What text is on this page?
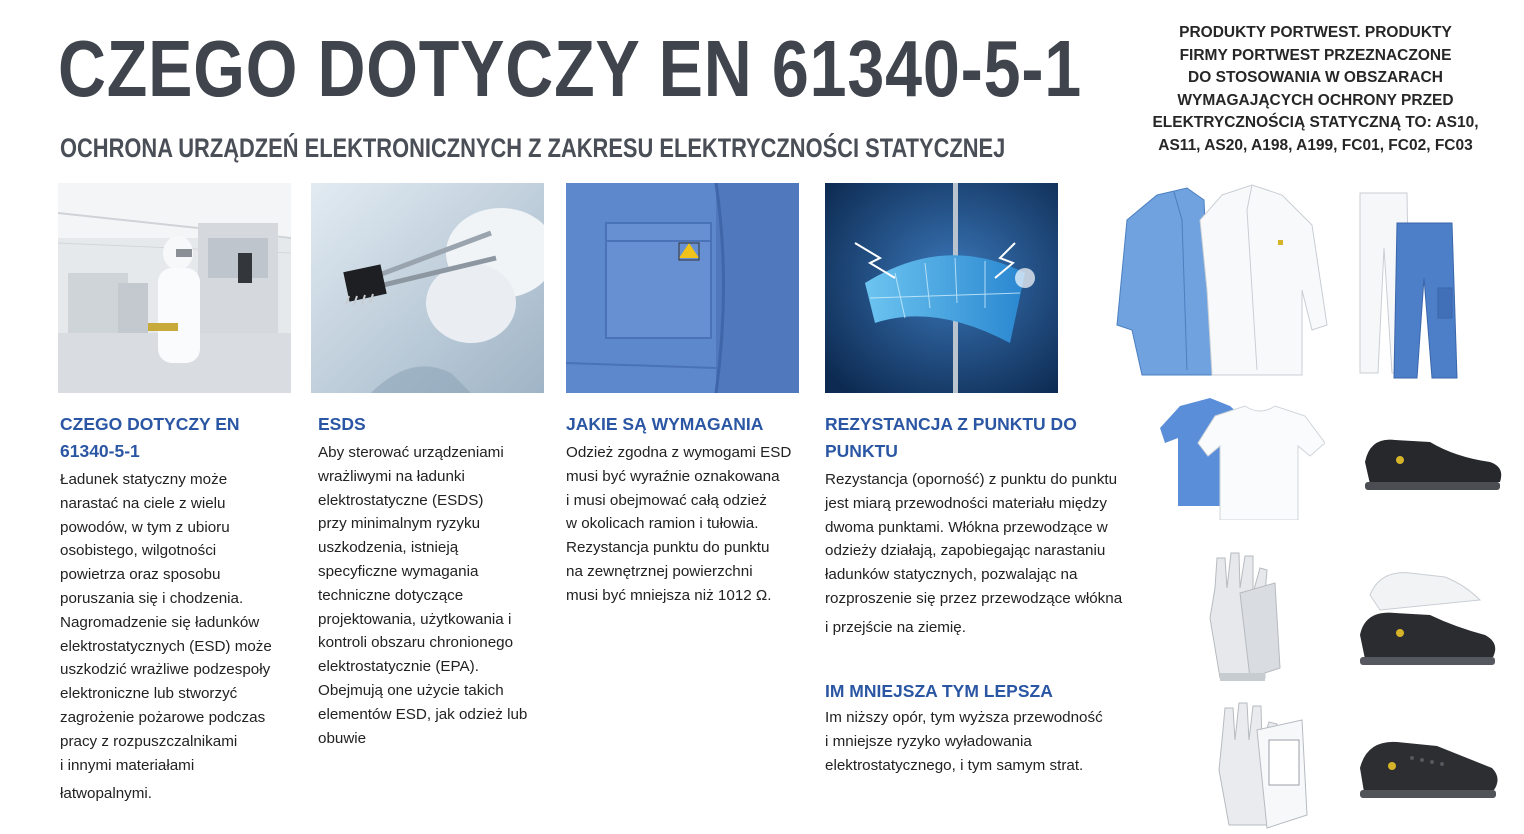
CZEGO DOTYCZY EN 61340-5-1
OCHRONA URZĄDZEŃ ELEKTRONICZNYCH Z ZAKRESU ELEKTRYCZNOŚCI STATYCZNEJ
PRODUKTY PORTWEST. PRODUKTY
FIRMY PORTWEST PRZEZNACZONE
DO STOSOWANIA W OBSZARACH
WYMAGAJĄCYCH OCHRONY PRZED
ELEKTRYCZNOŚCIĄ STATYCZNĄ TO: AS10,
AS11, AS20, A198, A199, FC01, FC02, FC03
CZEGO DOTYCZY EN
61340-5-1
Ładunek statyczny może
narastać na ciele z wielu
powodów, w tym z ubioru
osobistego, wilgotności
powietrza oraz sposobu
poruszania się i chodzenia.
Nagromadzenie się ładunków
elektrostatycznych (ESD) może
uszkodzić wrażliwe podzespoły
elektroniczne lub stworzyć
zagrożenie pożarowe podczas
pracy z rozpuszczalnikami
i innymi materiałami
łatwopalnymi.
ESDS
Aby sterować urządzeniami
wrażliwymi na ładunki
elektrostatyczne (ESDS)
przy minimalnym ryzyku
uszkodzenia, istnieją
specyficzne wymagania
techniczne dotyczące
projektowania, użytkowania i
kontroli obszaru chronionego
elektrostatycznie (EPA).
Obejmują one użycie takich
elementów ESD, jak odzież lub
obuwie
JAKIE SĄ WYMAGANIA
Odzież zgodna z wymogami ESD
musi być wyraźnie oznakowana
i musi obejmować całą odzież
w okolicach ramion i tułowia.
Rezystancja punktu do punktu
na zewnętrznej powierzchni
musi być mniejsza niż 1012 Ω.
REZYSTANCJA Z PUNKTU DO
PUNKTU
Rezystancja (oporność) z punktu do punktu
jest miarą przewodności materiału między
dwoma punktami. Włókna przewodzące w
odzieży działają, zapobiegając narastaniu
ładunków statycznych, pozwalając na
rozproszenie się przez przewodzące włókna
i przejście na ziemię.
IM MNIEJSZA TYM LEPSZA
Im niższy opór, tym wyższa przewodność
i mniejsze ryzyko wyładowania
elektrostatycznego, i tym samym strat.
